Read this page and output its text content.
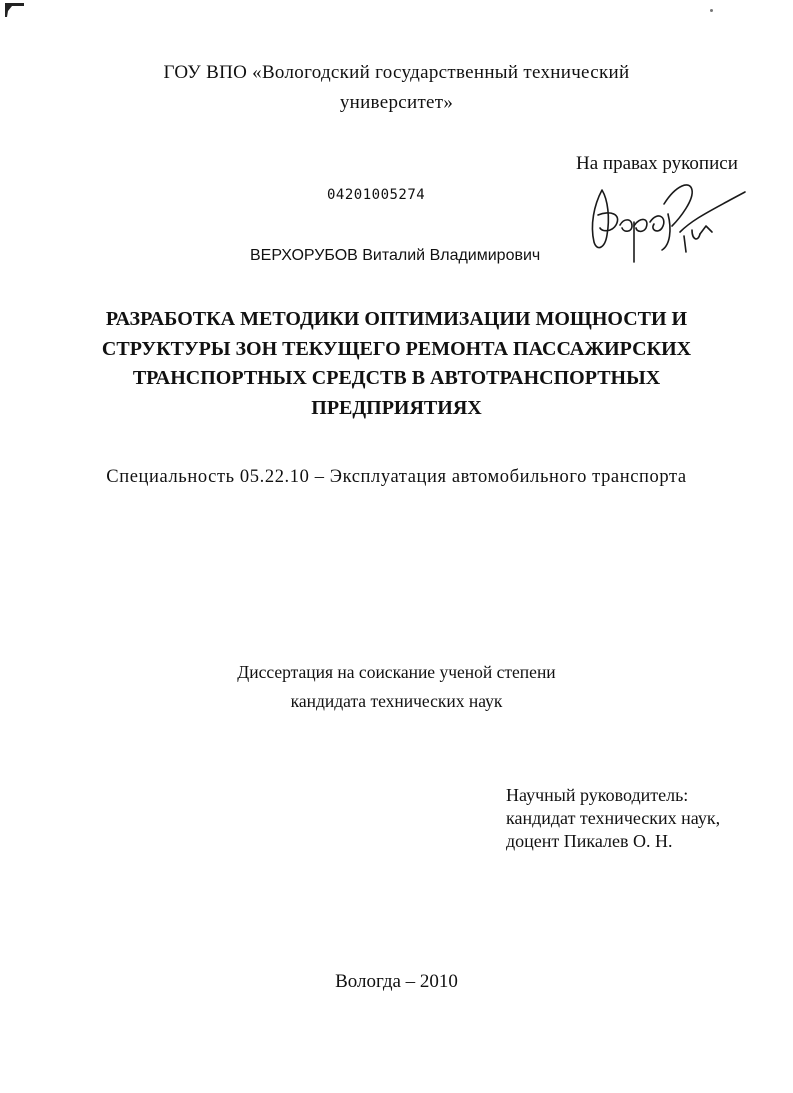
ГОУ ВПО «Вологодский государственный технический
университет»
На правах рукописи
04201005274
ВЕРХОРУБОВ Виталий Владимирович
РАЗРАБОТКА МЕТОДИКИ ОПТИМИЗАЦИИ МОЩНОСТИ И
СТРУКТУРЫ ЗОН ТЕКУЩЕГО РЕМОНТА ПАССАЖИРСКИХ
ТРАНСПОРТНЫХ СРЕДСТВ В АВТОТРАНСПОРТНЫХ
ПРЕДПРИЯТИЯХ
Специальность 05.22.10 – Эксплуатация автомобильного транспорта
Диссертация на соискание ученой степени
кандидата технических наук
Научный руководитель:
кандидат технических наук,
доцент Пикалев О. Н.
Вологда – 2010
